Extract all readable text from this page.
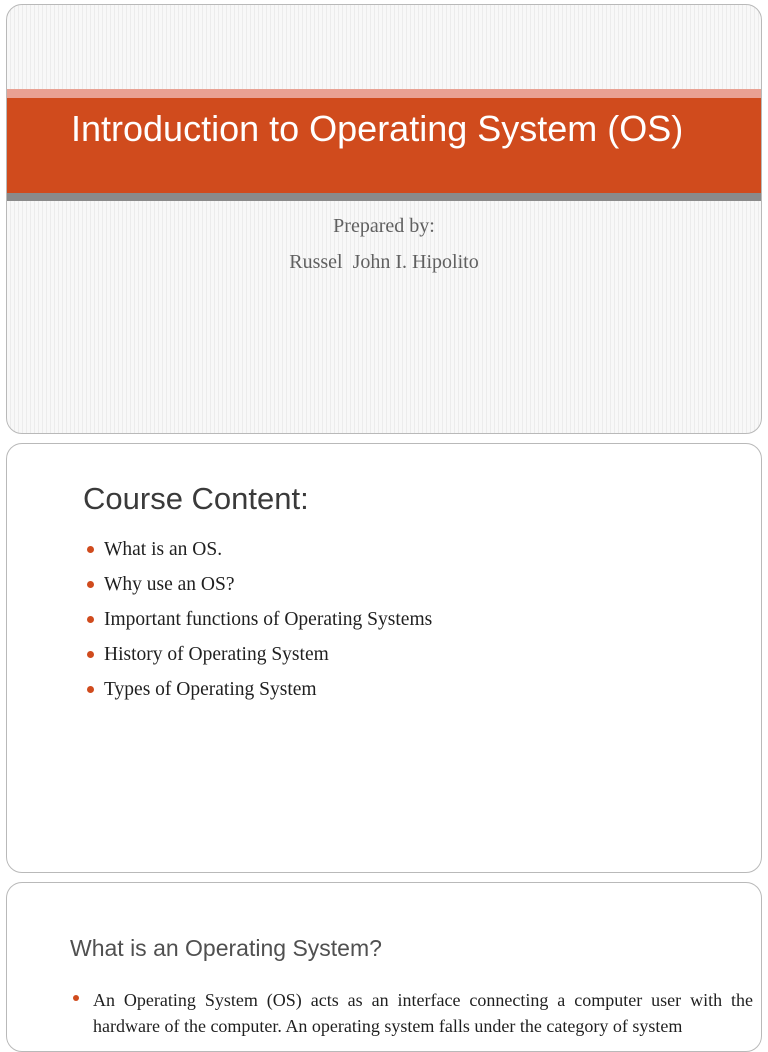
Introduction to Operating System (OS)

Prepared by:

Russel  John I. Hipolito

Course Content:
What is an OS.
Why use an OS?
Important functions of Operating Systems
History of Operating System
Types of Operating System
What is an Operating System?

An Operating System (OS) acts as an interface connecting a computer user with the hardware of the computer. An operating system falls under the category of system
